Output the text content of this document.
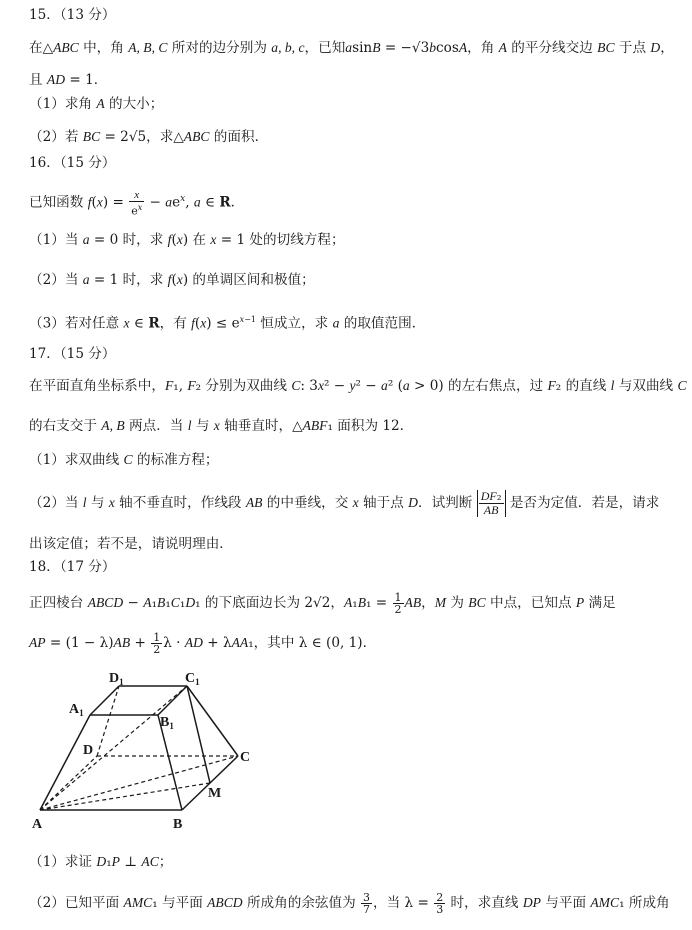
15．（13 分）
在△ABC 中，角 A, B, C 所对的边分别为 a, b, c，已知asinB = −√3bcosA，角 A 的平分线交边 BC 于点 D，
且 AD = 1．
（1）求角 A 的大小；
（2）若 BC = 2√5，求△ABC 的面积．
16．（15 分）
已知函数 $f(x) = \frac{x}{e^x} - ae^x$, a ∈ R．
（1）当 a = 0 时，求 f(x) 在 x = 1 处的切线方程；
（2）当 a = 1 时，求 f(x) 的单调区间和极值；
（3）若对任意 x ∈ R，有 $f(x) \le e^{x-1}$ 恒成立，求 a 的取值范围．
17．（15 分）
在平面直角坐标系中，F₁, F₂ 分别为双曲线 C: 3x² − y² − a² (a > 0) 的左右焦点，过 F₂ 的直线 l 与双曲线 C
的右支交于 A, B 两点．当 l 与 x 轴垂直时，△ABF₁ 面积为 12．
（1）求双曲线 C 的标准方程；
（2）当 l 与 x 轴不垂直时，作线段 AB 的中垂线，交 x 轴于点 D．试判断 $\frac{\text{DF₂}}{AB}$ 是否为定值．若是，请求
出该定值；若不是，请说明理由．
18．（17 分）
正四棱台 ABCD − A₁B₁C₁D₁ 的下底面边长为 2√2，$A_1B_1 = \frac{1}{2}$ AB，M 为 BC 中点，已知点 P 满足
AP = $(1 - \lambda)AB + \frac{1}{2}$ λ · AD + λAA₁，其中 λ ∈ (0, 1)．
$D_1$	$C_1$
$A_1$
$B_1$
D	C
M
A	B
（1）求证 D₁P ⊥ AC；
（2）已知平面 AMC₁ 与平面 ABCD 所成角的余弦值为 $\frac{3}{7}$ ，当 $\lambda = \frac{2}{3}$ 时，求直线 DP 与平面 AMC₁ 所成角
